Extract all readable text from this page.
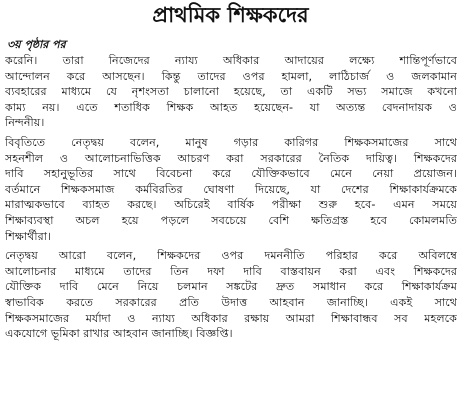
প্রাথমিক শিক্ষকদের
৩য় পৃষ্ঠার পর
করেনি। তারা নিজেদের ন্যায্য অধিকার আদায়ের লক্ষ্যে শান্তিপূর্ণভাবে
আন্দোলন করে আসছেন। কিন্তু তাদের ওপর হামলা, লাঠিচার্জ ও জলকামান
ব্যবহারের মাধ্যমে যে নৃশংসতা চালানো হয়েছে, তা একটি সভ্য সমাজে কখনো
কাম্য নয়। এতে শতাধিক শিক্ষক আহত হয়েছেন- যা অত্যন্ত বেদনাদায়ক ও
নিন্দনীয়।
বিবৃতিতে নেতৃদ্বয় বলেন, মানুষ গড়ার কারিগর শিক্ষকসমাজের সাথে
সহনশীল ও আলোচনাভিত্তিক আচরণ করা সরকারের নৈতিক দায়িত্ব। শিক্ষকদের
দাবি সহানুভূতির সাথে বিবেচনা করে যৌক্তিকভাবে মেনে নেয়া প্রয়োজন।
বর্তমানে শিক্ষকসমাজ কর্মবিরতির ঘোষণা দিয়েছে, যা দেশের শিক্ষাকার্যক্রমকে
মারাত্মকভাবে ব্যাহত করছে। অচিরেই বার্ষিক পরীক্ষা শুরু হবে- এমন সময়ে
শিক্ষাব্যবস্থা অচল হয়ে পড়লে সবচেয়ে বেশি ক্ষতিগ্রস্ত হবে কোমলমতি
শিক্ষার্থীরা।
নেতৃদ্বয় আরো বলেন, শিক্ষকদের ওপর দমননীতি পরিহার করে অবিলম্বে
আলোচনার মাধ্যমে তাদের তিন দফা দাবি বাস্তবায়ন করা এবং শিক্ষকদের
যৌক্তিক দাবি মেনে নিয়ে চলমান সঙ্কটের দ্রুত সমাধান করে শিক্ষাকার্যক্রম
স্বাভাবিক করতে সরকারের প্রতি উদাত্ত আহবান জানাচ্ছি। একই সাথে
শিক্ষকসমাজের মর্যাদা ও ন্যায্য অধিকার রক্ষায় আমরা শিক্ষাবান্ধব সব মহলকে
একযোগে ভূমিকা রাখার আহবান জানাচ্ছি। বিজ্ঞপ্তি।
